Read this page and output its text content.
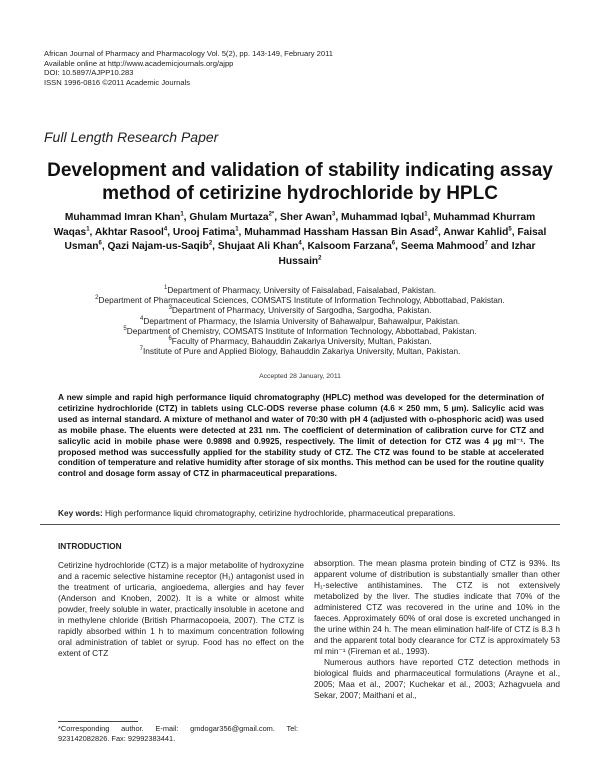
African Journal of Pharmacy and Pharmacology Vol. 5(2), pp. 143-149, February 2011
Available online at http://www.academicjournals.org/ajpp
DOI: 10.5897/AJPP10.283
ISSN 1996-0816 ©2011 Academic Journals
Full Length Research Paper
Development and validation of stability indicating assay
method of cetirizine hydrochloride by HPLC
Muhammad Imran Khan$^1$, Ghulam Murtaza$^{2*}$, Sher Awan$^3$, Muhammad Iqbal$^1$, Muhammad Khurram Waqas$^1$, Akhtar Rasool$^4$, Urooj Fatima$^1$, Muhammad Hassham Hassan Bin Asad$^2$, Anwar Kahlid$^5$, Faisal Usman$^6$, Qazi Najam-us-Saqib$^2$, Shujaat Ali Khan$^4$, Kalsoom Farzana$^6$, Seema Mahmood$^7$ and Izhar Hussain$^2$
$^1$Department of Pharmacy, University of Faisalabad, Faisalabad, Pakistan.
$^2$Department of Pharmaceutical Sciences, COMSATS Institute of Information Technology, Abbottabad, Pakistan.
$^3$Department of Pharmacy, University of Sargodha, Sargodha, Pakistan.
$^4$Department of Pharmacy, the Islamia University of Bahawalpur, Bahawalpur, Pakistan.
$^5$Department of Chemistry, COMSATS Institute of Information Technology, Abbottabad, Pakistan.
$^6$Faculty of Pharmacy, Bahauddin Zakariya University, Multan, Pakistan.
$^7$Institute of Pure and Applied Biology, Bahauddin Zakariya University, Multan, Pakistan.
Accepted 28 January, 2011
A new simple and rapid high performance liquid chromatography (HPLC) method was developed for the determination of cetirizine hydrochloride (CTZ) in tablets using CLC-ODS reverse phase column (4.6 × 250 mm, 5 µm). Salicylic acid was used as internal standard. A mixture of methanol and water of 70:30 with pH 4 (adjusted with o-phosphoric acid) was used as mobile phase. The eluents were detected at 231 nm. The coefficient of determination of calibration curve for CTZ and salicylic acid in mobile phase were 0.9898 and 0.9925, respectively. The limit of detection for CTZ was 4 µg ml⁻¹. The proposed method was successfully applied for the stability study of CTZ. The CTZ was found to be stable at accelerated condition of temperature and relative humidity after storage of six months. This method can be used for the routine quality control and dosage form assay of CTZ in pharmaceutical preparations.
Key words: High performance liquid chromatography, cetirizine hydrochloride, pharmaceutical preparations.
INTRODUCTION

Cetirizine hydrochloride (CTZ) is a major metabolite of hydroxyzine and a racemic selective histamine receptor (H₁) antagonist used in the treatment of urticaria, angioedema, allergies and hay fever (Anderson and Knoben, 2002). It is a white or almost white powder, freely soluble in water, practically insoluble in acetone and in methylene chloride (British Pharmacopoeia, 2007). The CTZ is rapidly absorbed within 1 h to maximum concentration following oral administration of tablet or syrup. Food has no effect on the extent of CTZ

absorption. The mean plasma protein binding of CTZ is 93%. Its apparent volume of distribution is substantially smaller than other H₁-selective antihistamines. The CTZ is not extensively metabolized by the liver. The studies indicate that 70% of the administered CTZ was recovered in the urine and 10% in the faeces. Approximately 60% of oral dose is excreted unchanged in the urine within 24 h. The mean elimination half-life of CTZ is 8.3 h and the apparent total body clearance for CTZ is approximately 53 ml min⁻¹ (Fireman et al., 1993).

Numerous authors have reported CTZ detection methods in biological fluids and pharmaceutical formulations (Arayne et al., 2005; Maa et al., 2007; Kuchekar et al., 2003; Azhagvuela and Sekar, 2007; Maithani et al.,

*Corresponding author. E-mail: gmdogar356@gmail.com. Tel: 923142082826. Fax: 92992383441.
